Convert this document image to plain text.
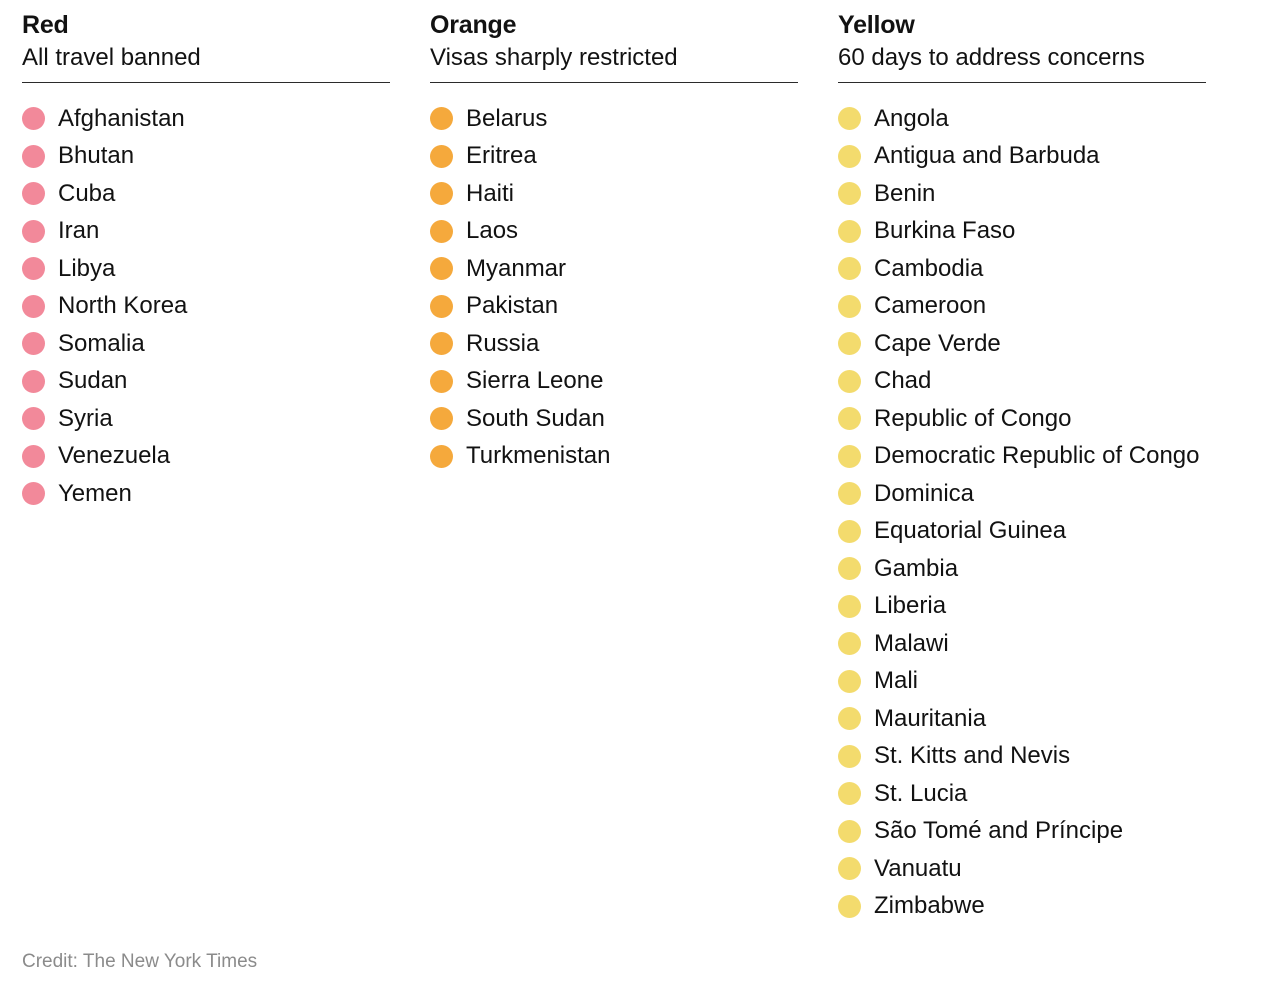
Red
All travel banned
Afghanistan
Bhutan
Cuba
Iran
Libya
North Korea
Somalia
Sudan
Syria
Venezuela
Yemen
Orange
Visas sharply restricted
Belarus
Eritrea
Haiti
Laos
Myanmar
Pakistan
Russia
Sierra Leone
South Sudan
Turkmenistan
Yellow
60 days to address concerns
Angola
Antigua and Barbuda
Benin
Burkina Faso
Cambodia
Cameroon
Cape Verde
Chad
Republic of Congo
Democratic Republic of Congo
Dominica
Equatorial Guinea
Gambia
Liberia
Malawi
Mali
Mauritania
St. Kitts and Nevis
St. Lucia
São Tomé and Príncipe
Vanuatu
Zimbabwe
Credit: The New York Times
